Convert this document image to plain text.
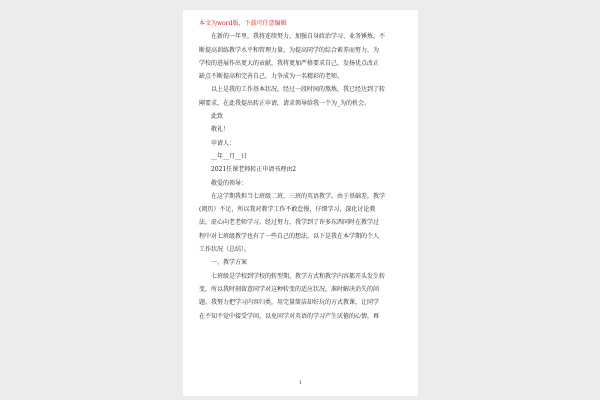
本文为word版，下载可任意编辑
在新的一年里，我将连续努力，加强自身政治学习、业务锤炼，不
断提高训练教学水平和管理力量。为提高同学的综合素养而努力，为
学校的进展作出更大的贡献，我将更加严格要求自己，发扬优点改正
缺点不断提高和完善自己，力争成为一名精彩的老师。
以上是我的工作基本状况，经过一段时间的熬炼，我已经达到了转
剛要求，在此我提出转正申请，请求领导给我一个为_为的机会。
此致
敬礼！
申请人：
__年__月__日
2021任课老师转正申请书理由2
敬爱的领导：
在这学期我担当七班级二班、三班的英语教学。由于基础差，教学
(阅历）不足，所以我对教学工作不敢怠慢，仔细学习，深化讨论教
法，虚心向老老师学习。经过努力，我学到了许多东西同时在教学过
程中对七班级教学也有了一些自己的想法。以下是我在本学期的个人
工作状况（总结）。
一、教学方案
七班级是学校到学校的转型期，教学方式和教学内容都开头发生转
变，所以我时刻留意同学对这种转变的适应状况，准时解决消失的问
题。我努力把学习内容归类，用完量简洁却好玩的方式教课，让同学
在不知不觉中接受学问，以免同学对英语的学习产生厌倦的心情，再
1
